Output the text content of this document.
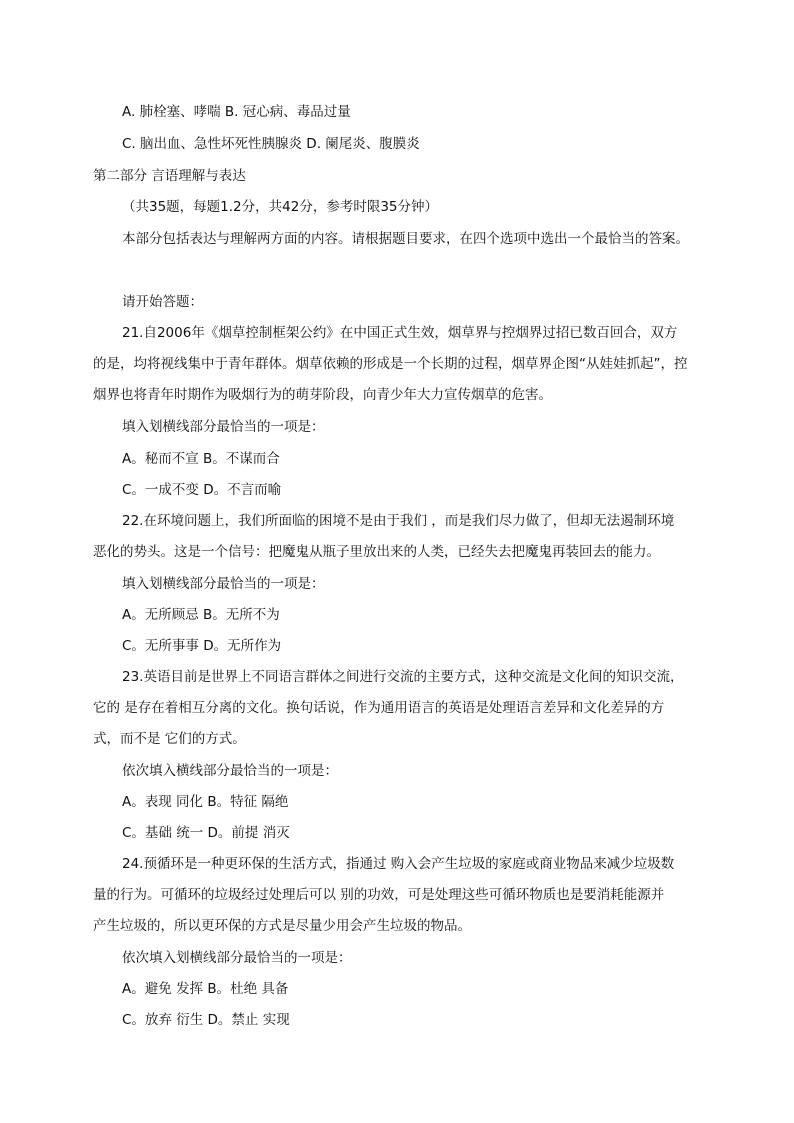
A. 肺栓塞、哮喘 B. 冠心病、毒品过量
C. 脑出血、急性坏死性胰腺炎 D. 阑尾炎、腹膜炎
第二部分 言语理解与表达
（共35题，每题1.2分，共42分，参考时限35分钟）
本部分包括表达与理解两方面的内容。请根据题目要求，在四个选项中选出一个最恰当的答案。
请开始答题：
21.自2006年《烟草控制框架公约》在中国正式生效，烟草界与控烟界过招已数百回合，双方
的是，均将视线集中于青年群体。烟草依赖的形成是一个长期的过程，烟草界企图“从娃娃抓起”，控
烟界也将青年时期作为吸烟行为的萌芽阶段，向青少年大力宣传烟草的危害。
填入划横线部分最恰当的一项是：
A。秘而不宣 B。不谋而合
C。一成不变 D。不言而喻
22.在环境问题上，我们所面临的困境不是由于我们 ，而是我们尽力做了，但却无法遏制环境
恶化的势头。这是一个信号：把魔鬼从瓶子里放出来的人类，已经失去把魔鬼再装回去的能力。
填入划横线部分最恰当的一项是：
A。无所顾忌 B。无所不为
C。无所事事 D。无所作为
23.英语目前是世界上不同语言群体之间进行交流的主要方式，这种交流是文化间的知识交流，
它的 是存在着相互分离的文化。换句话说，作为通用语言的英语是处理语言差异和文化差异的方
式，而不是 它们的方式。
依次填入横线部分最恰当的一项是：
A。表现 同化 B。特征 隔绝
C。基础 统一 D。前提 消灭
24.预循环是一种更环保的生活方式，指通过 购入会产生垃圾的家庭或商业物品来减少垃圾数
量的行为。可循环的垃圾经过处理后可以 别的功效，可是处理这些可循环物质也是要消耗能源并
产生垃圾的，所以更环保的方式是尽量少用会产生垃圾的物品。
依次填入划横线部分最恰当的一项是：
A。避免 发挥 B。杜绝 具备
C。放弃 衍生 D。禁止 实现
